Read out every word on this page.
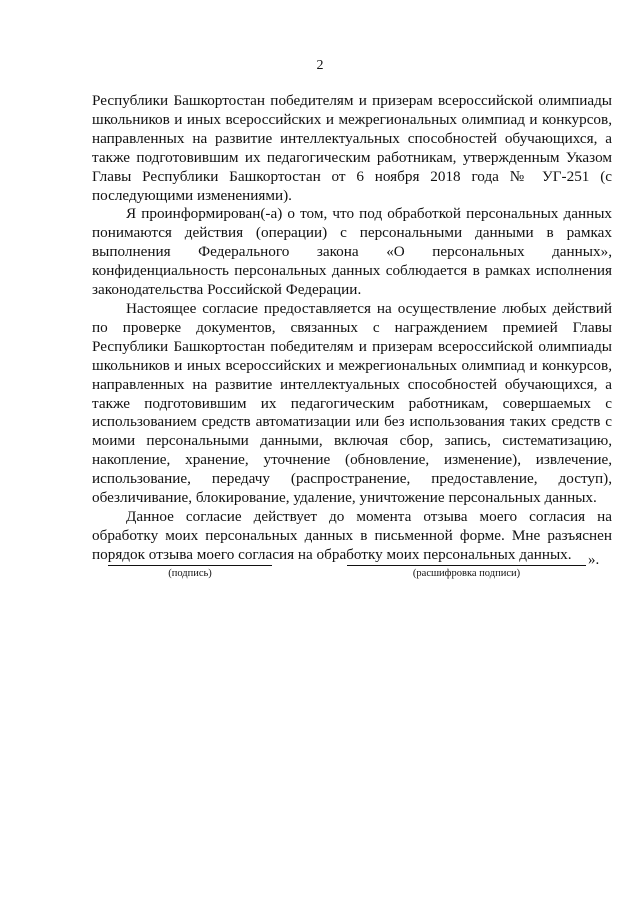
2

Республики Башкортостан победителям и призерам всероссийской олимпиады школьников и иных всероссийских и межрегиональных олимпиад и конкурсов, направленных на развитие интеллектуальных способностей обучающихся, а также подготовившим их педагогическим работникам, утвержденным Указом Главы Республики Башкортостан от 6 ноября 2018 года № УГ-251 (с последующими изменениями).

Я проинформирован(-а) о том, что под обработкой персональных данных понимаются действия (операции) с персональными данными в рамках выполнения Федерального закона «О персональных данных», конфиденциальность персональных данных соблюдается в рамках исполнения законодательства Российской Федерации.

Настоящее согласие предоставляется на осуществление любых действий по проверке документов, связанных с награждением премией Главы Республики Башкортостан победителям и призерам всероссийской олимпиады школьников и иных всероссийских и межрегиональных олимпиад и конкурсов, направленных на развитие интеллектуальных способностей обучающихся, а также подготовившим их педагогическим работникам, совершаемых с использованием средств автоматизации или без использования таких средств с моими персональными данными, включая сбор, запись, систематизацию, накопление, хранение, уточнение (обновление, изменение), извлечение, использование, передачу (распространение, предоставление, доступ), обезличивание, блокирование, удаление, уничтожение персональных данных.

Данное согласие действует до момента отзыва моего согласия на обработку моих персональных данных в письменной форме. Мне разъяснен порядок отзыва моего согласия на обработку моих персональных данных.

(подпись)	(расшифровка подписи)
».
